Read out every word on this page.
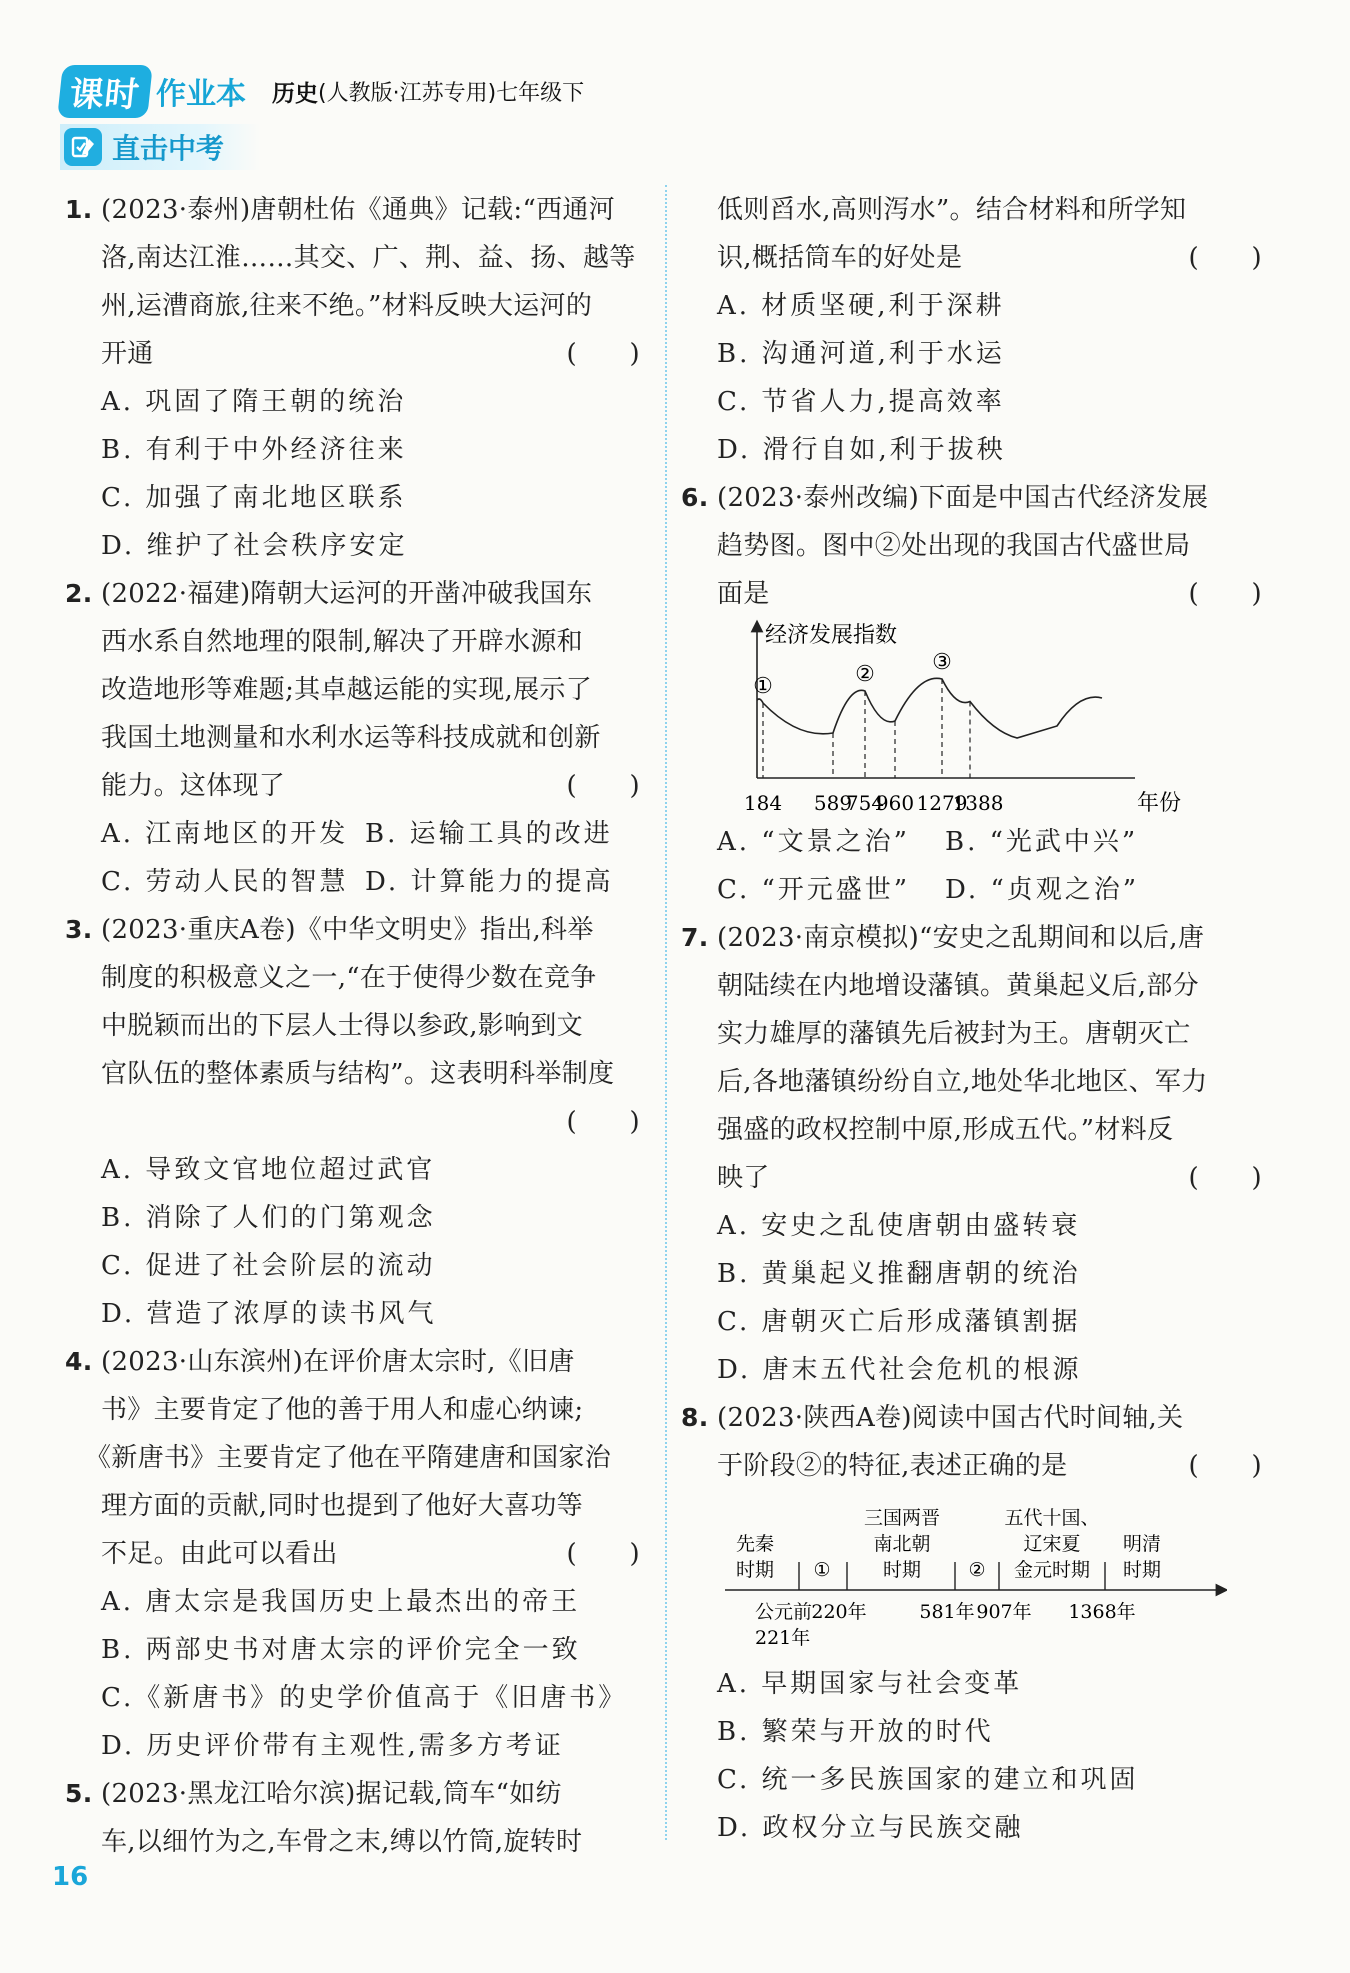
课时 作业本 历史 (人教版·江苏专用)七年级下
直击中考
1. (2023·泰州)唐朝杜佑《通典》记载:“西通河
洛,南达江淮……其交、广、荆、益、扬、越等
州,运漕商旅,往来不绝。”材料反映大运河的
开通	(　　)
A. 巩固了隋王朝的统治
B. 有利于中外经济往来
C. 加强了南北地区联系
D. 维护了社会秩序安定
2. (2022·福建)隋朝大运河的开凿冲破我国东
西水系自然地理的限制,解决了开辟水源和
改造地形等难题;其卓越运能的实现,展示了
我国土地测量和水利水运等科技成就和创新
能力。这体现了	(　　)
A. 江南地区的开发 B. 运输工具的改进
C. 劳动人民的智慧 D. 计算能力的提高
3. (2023·重庆A卷)《中华文明史》指出,科举
制度的积极意义之一,“在于使得少数在竞争
中脱颖而出的下层人士得以参政,影响到文
官队伍的整体素质与结构”。这表明科举制度
(　　)
A. 导致文官地位超过武官
B. 消除了人们的门第观念
C. 促进了社会阶层的流动
D. 营造了浓厚的读书风气
4. (2023·山东滨州)在评价唐太宗时,《旧唐
书》主要肯定了他的善于用人和虚心纳谏;
《新唐书》主要肯定了他在平隋建唐和国家治
理方面的贡献,同时也提到了他好大喜功等
不足。由此可以看出	(　　)
A. 唐太宗是我国历史上最杰出的帝王
B. 两部史书对唐太宗的评价完全一致
C.《新唐书》的史学价值高于《旧唐书》
D. 历史评价带有主观性,需多方考证
5. (2023·黑龙江哈尔滨)据记载,筒车“如纺
车,以细竹为之,车骨之末,缚以竹筒,旋转时
低则舀水,高则泻水”。结合材料和所学知
识,概括筒车的好处是	(　　)
A. 材质坚硬,利于深耕
B. 沟通河道,利于水运
C. 节省人力,提高效率
D. 滑行自如,利于拔秧
6. (2023·泰州改编)下面是中国古代经济发展
趋势图。图中②处出现的我国古代盛世局
面是	(　　)
经济发展指数
年份
184 589
754
960 1279
1388
①	②	③
A. “文景之治” B. “光武中兴”
C. “开元盛世” D. “贞观之治”
7. (2023·南京模拟)“安史之乱期间和以后,唐
朝陆续在内地增设藩镇。黄巢起义后,部分
实力雄厚的藩镇先后被封为王。唐朝灭亡
后,各地藩镇纷纷自立,地处华北地区、军力
强盛的政权控制中原,形成五代。”材料反
映了	(　　)
A. 安史之乱使唐朝由盛转衰
B. 黄巢起义推翻唐朝的统治
C. 唐朝灭亡后形成藩镇割据
D. 唐末五代社会危机的根源
8. (2023·陕西A卷)阅读中国古代时间轴,关
于阶段②的特征,表述正确的是	(　　)
先秦
时期 ①
三国两晋
南北朝
时期 ②
五代十国、
辽宋夏
金元时期
明清
时期
公元前
221年
220年	581年 907年 1368年
A. 早期国家与社会变革
B. 繁荣与开放的时代
C. 统一多民族国家的建立和巩固
D. 政权分立与民族交融
16
